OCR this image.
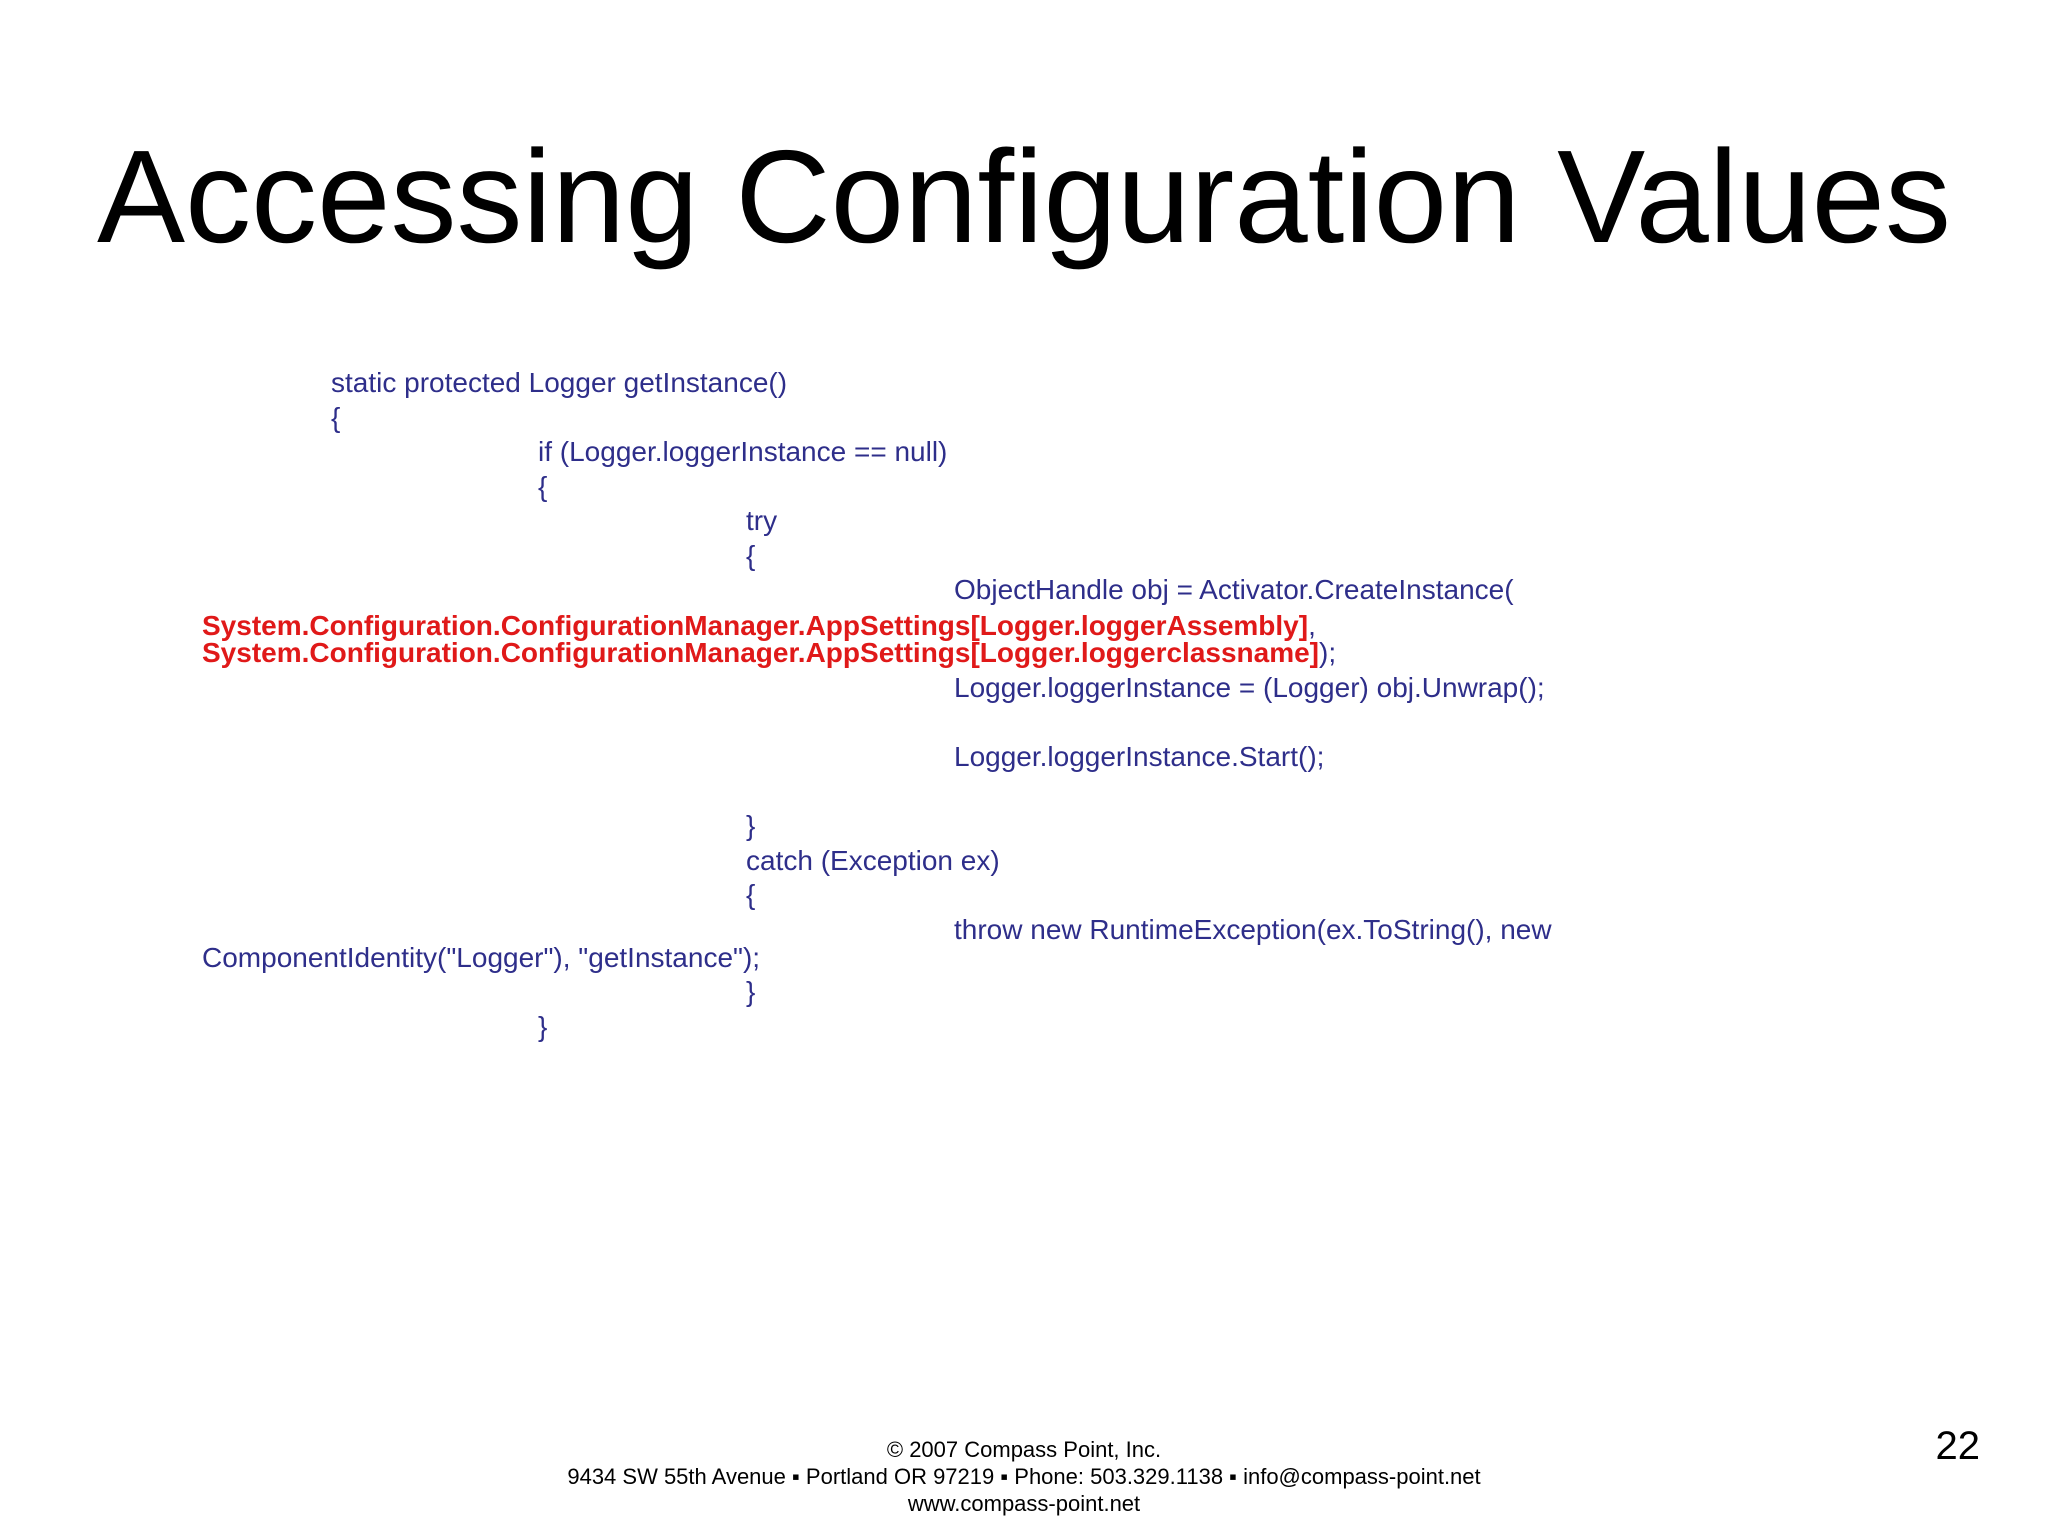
Accessing Configuration Values
static protected Logger getInstance()
{
if (Logger.loggerInstance == null)
{
try
{
ObjectHandle obj = Activator.CreateInstance(
System.Configuration.ConfigurationManager.AppSettings[Logger.loggerAssembly],
System.Configuration.ConfigurationManager.AppSettings[Logger.loggerclassname]);
Logger.loggerInstance = (Logger) obj.Unwrap();
Logger.loggerInstance.Start();
}
catch (Exception ex)
{
throw new RuntimeException(ex.ToString(), new
ComponentIdentity("Logger"), "getInstance");
}
}
© 2007 Compass Point, Inc.
9434 SW 55th Avenue ▪ Portland OR 97219 ▪ Phone: 503.329.1138 ▪ info@compass-point.net
www.compass-point.net
22
